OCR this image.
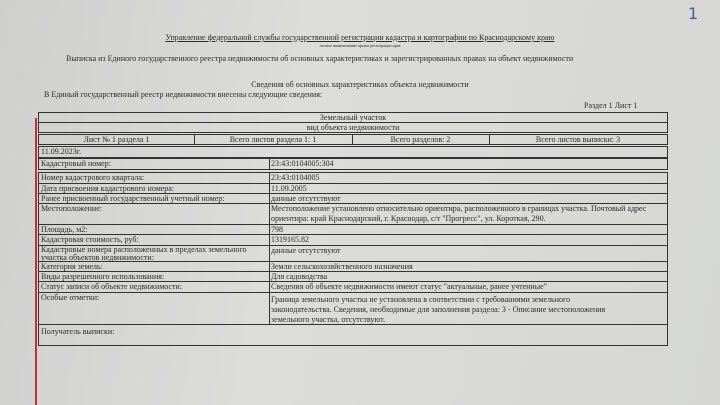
1
Управление федеральной службы государственной регистрации кадастра и картографии по Краснодарскому краю
полное наименование органа регистрации прав
Выписка из Единого государственного реестра недвижимости об основных характеристиках и зарегистрированных правах на объект недвижимости
Сведения об основных характеристиках объекта недвижимости
В Единый государственный реестр недвижимости внесены следующие сведения:
Раздел 1 Лист 1
Земельный участок
вид объекта недвижимости
Лист № 1 раздела 1	Всего листов раздела 1: 1	Всего разделов: 2	Всего листов выписки: 3
11.09.2023г.
Кадастровый номер:	23:43:0104005:304
Номер кадастрового квартала:	23:43:0104005
Дата присвоения кадастрового номера:	11.09.2005
Ранее присвоенный государственный учетный номер:	данные отсутствуют
Местоположение:	Местоположение установлено относительно ориентира, расположенного в границах участка. Почтовый адрес ориентира: край Краснодарский, г. Краснодар, с/т "Прогресс", ул. Короткая, 290.
Площадь, м2:	798
Кадастровая стоимость, руб:	1319165.82
Кадастровые номера расположенных в пределах земельного участка объектов недвижимости:
данные отсутствуют
Категория земель:	Земли сельскохозяйственного назначения
Виды разрешенного использования:	Для садоводства
Статус записи об объекте недвижимости:	Сведения об объекте недвижимости имеют статус "актуальные, ранее учтенные"
Особые отметки:	Граница земельного участка не установлена в соответствии с требованиями земельного законодательства. Сведения, необходимые для заполнения раздела: 3 - Описание местоположения земельного участка, отсутствуют.
Получатель выписки:
